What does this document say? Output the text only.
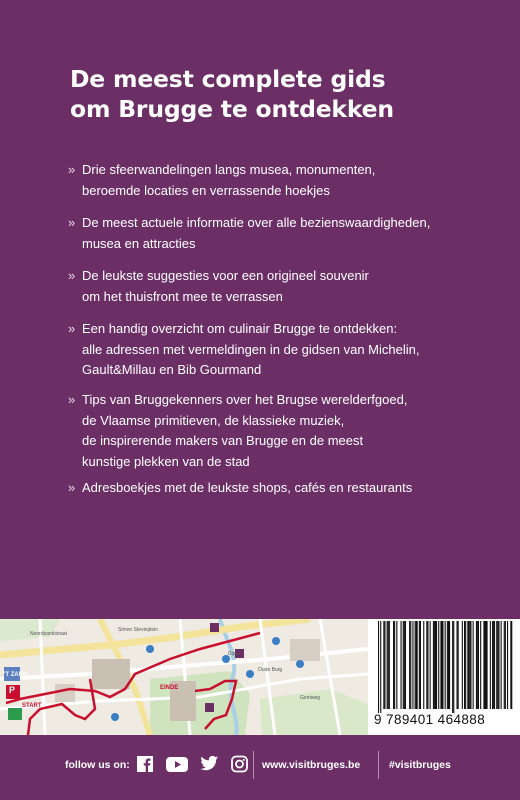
De meest complete gids
om Brugge te ontdekken
» Drie sfeerwandelingen langs musea, monumenten,
beroemde locaties en verrassende hoekjes
» De meest actuele informatie over alle bezienswaardigheden,
musea en attracties
» De leukste suggesties voor een origineel souvenir
om het thuisfront mee te verrassen
» Een handig overzicht om culinair Brugge te ontdekken:
alle adressen met vermeldingen in de gidsen van Michelin,
Gault&Millau en Bib Gourmand
» Tips van Bruggekenners over het Brugse werelderfgoed,
de Vlaamse primitieven, de klassieke muziek,
de inspirerende makers van Brugge en de meest
kunstige plekken van de stad
» Adresboekjes met de leukste shops, cafés en restaurants
P
'T ZAND
START
EINDE
Noordzandstraat
Simon Stevinplein
Dijver
Oude Burg
Gentweg
9 789401 464888
follow us on:	www.visitbruges.be	#visitbruges
